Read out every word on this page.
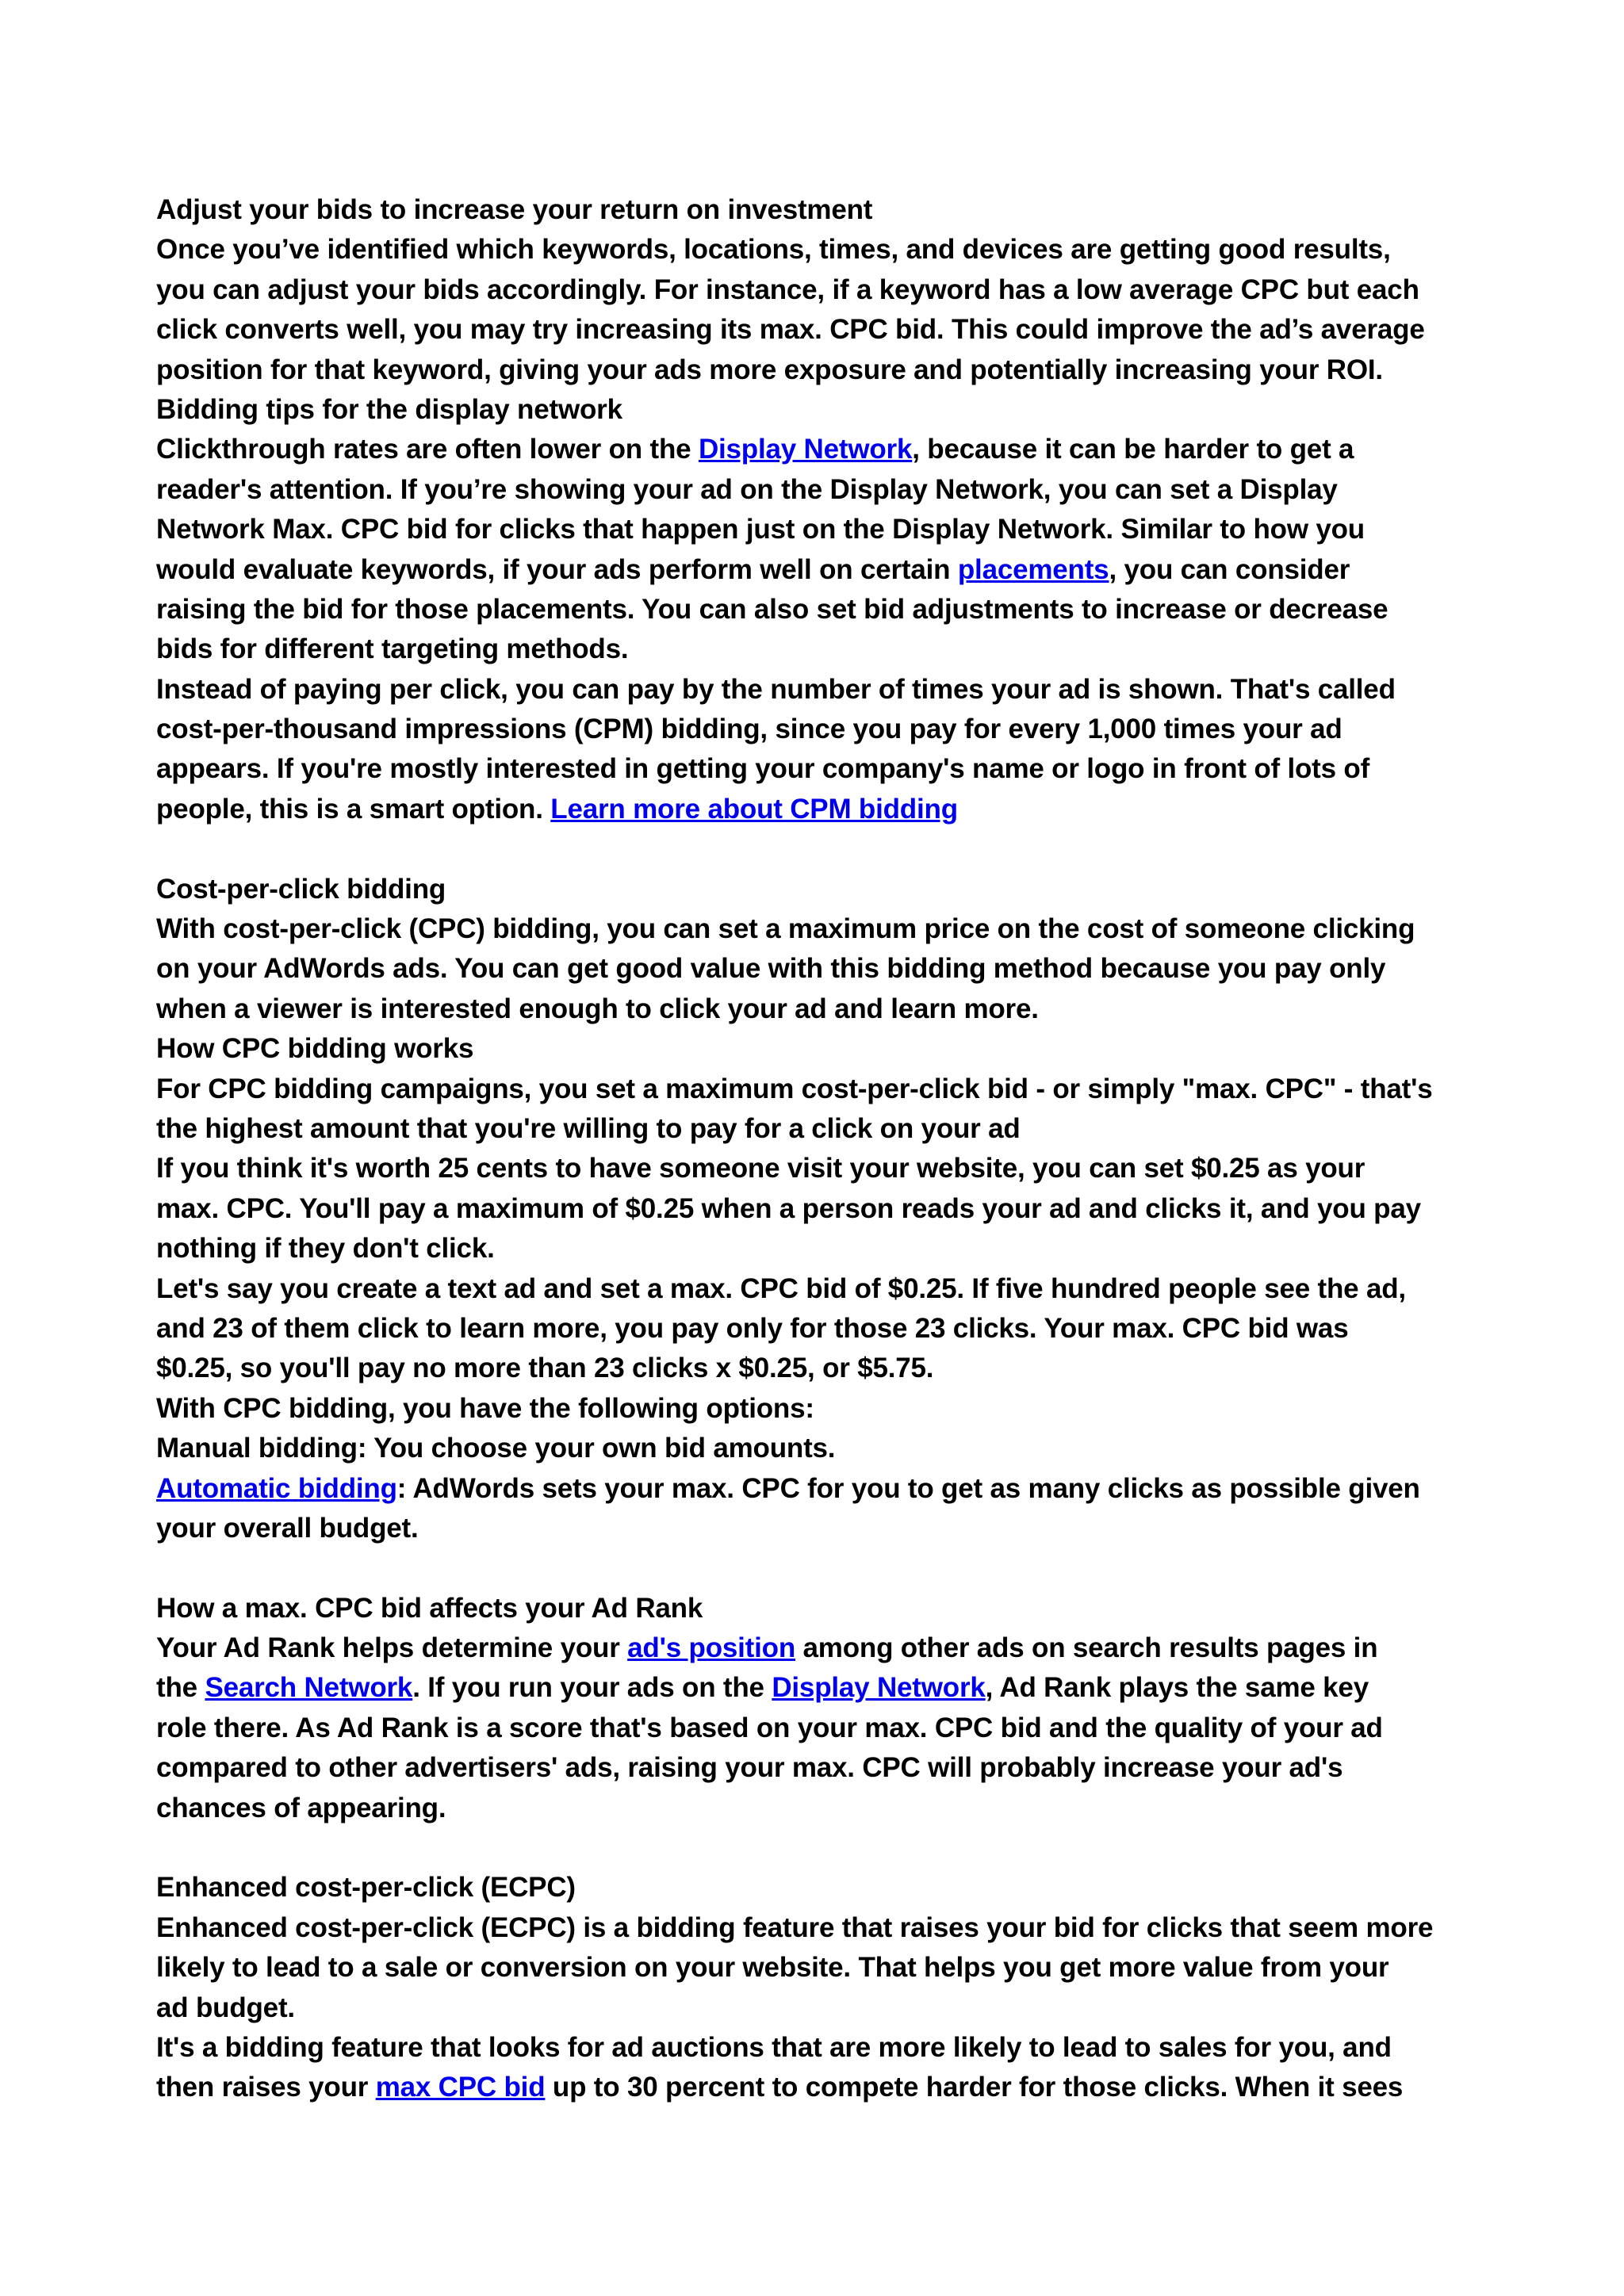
Adjust your bids to increase your return on investment
Once you’ve identified which keywords, locations, times, and devices are getting good results,
you can adjust your bids accordingly. For instance, if a keyword has a low average CPC but each
click converts well, you may try increasing its max. CPC bid. This could improve the ad’s average
position for that keyword, giving your ads more exposure and potentially increasing your ROI.
Bidding tips for the display network
Clickthrough rates are often lower on the Display Network, because it can be harder to get a
reader's attention. If you’re showing your ad on the Display Network, you can set a Display
Network Max. CPC bid for clicks that happen just on the Display Network. Similar to how you
would evaluate keywords, if your ads perform well on certain placements, you can consider
raising the bid for those placements. You can also set bid adjustments to increase or decrease
bids for different targeting methods.
Instead of paying per click, you can pay by the number of times your ad is shown. That's called
cost-per-thousand impressions (CPM) bidding, since you pay for every 1,000 times your ad
appears. If you're mostly interested in getting your company's name or logo in front of lots of
people, this is a smart option. Learn more about CPM bidding
Cost-per-click bidding
With cost-per-click (CPC) bidding, you can set a maximum price on the cost of someone clicking
on your AdWords ads. You can get good value with this bidding method because you pay only
when a viewer is interested enough to click your ad and learn more.
How CPC bidding works
For CPC bidding campaigns, you set a maximum cost-per-click bid - or simply "max. CPC" - that's
the highest amount that you're willing to pay for a click on your ad
If you think it's worth 25 cents to have someone visit your website, you can set $0.25 as your
max. CPC. You'll pay a maximum of $0.25 when a person reads your ad and clicks it, and you pay
nothing if they don't click.
Let's say you create a text ad and set a max. CPC bid of $0.25. If five hundred people see the ad,
and 23 of them click to learn more, you pay only for those 23 clicks. Your max. CPC bid was
$0.25, so you'll pay no more than 23 clicks x $0.25, or $5.75.
With CPC bidding, you have the following options:
Manual bidding: You choose your own bid amounts.
Automatic bidding: AdWords sets your max. CPC for you to get as many clicks as possible given
your overall budget.
How a max. CPC bid affects your Ad Rank
Your Ad Rank helps determine your ad's position among other ads on search results pages in
the Search Network. If you run your ads on the Display Network, Ad Rank plays the same key
role there. As Ad Rank is a score that's based on your max. CPC bid and the quality of your ad
compared to other advertisers' ads, raising your max. CPC will probably increase your ad's
chances of appearing.
Enhanced cost-per-click (ECPC)
Enhanced cost-per-click (ECPC) is a bidding feature that raises your bid for clicks that seem more
likely to lead to a sale or conversion on your website. That helps you get more value from your
ad budget.
It's a bidding feature that looks for ad auctions that are more likely to lead to sales for you, and
then raises your max CPC bid up to 30 percent to compete harder for those clicks. When it sees
